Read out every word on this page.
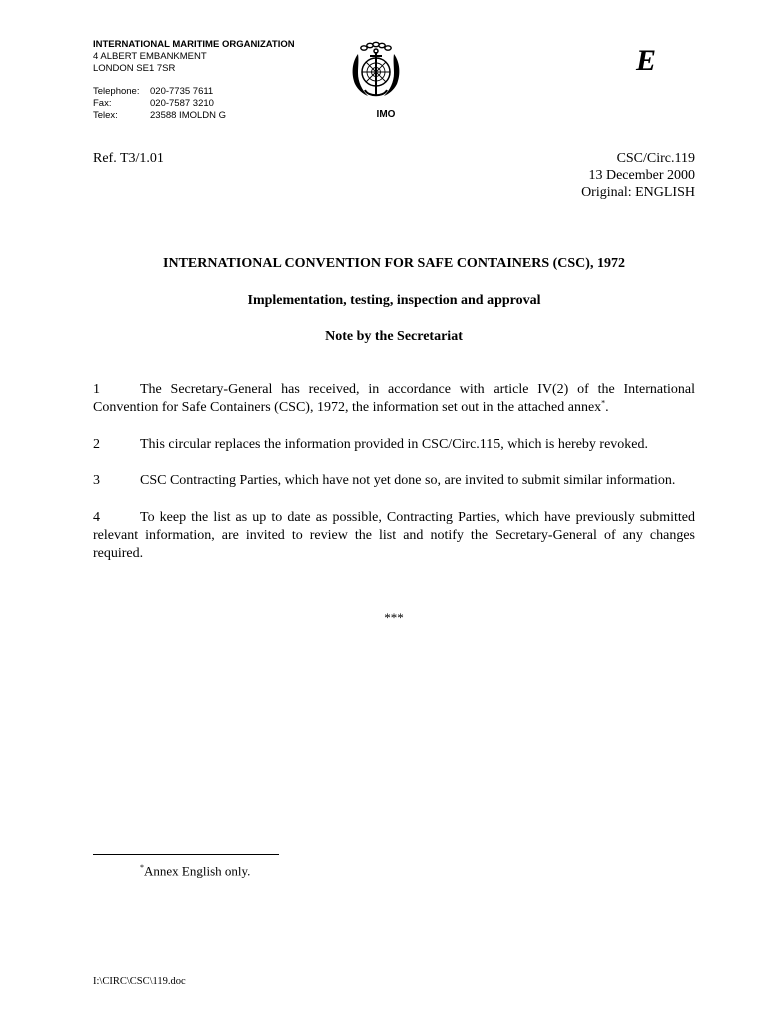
INTERNATIONAL MARITIME ORGANIZATION
4 ALBERT EMBANKMENT
LONDON SE1 7SR
Telephone:	020-7735 7611
Fax:	020-7587 3210
Telex:	23588 IMOLDN G	IMO
E
Ref. T3/1.01	CSC/Circ.119
13 December 2000
Original: ENGLISH
INTERNATIONAL CONVENTION FOR SAFE CONTAINERS (CSC), 1972
Implementation, testing, inspection and approval
Note by the Secretariat

1	The Secretary-General has received, in accordance with article IV(2) of the International Convention for Safe Containers (CSC), 1972, the information set out in the attached annex*.

2	This circular replaces the information provided in CSC/Circ.115, which is hereby revoked.

3	CSC Contracting Parties, which have not yet done so, are invited to submit similar information.

4	To keep the list as up to date as possible, Contracting Parties, which have previously submitted relevant information, are invited to review the list and notify the Secretary-General of any changes required.

***
*Annex English only.
I:\CIRC\CSC\119.doc
